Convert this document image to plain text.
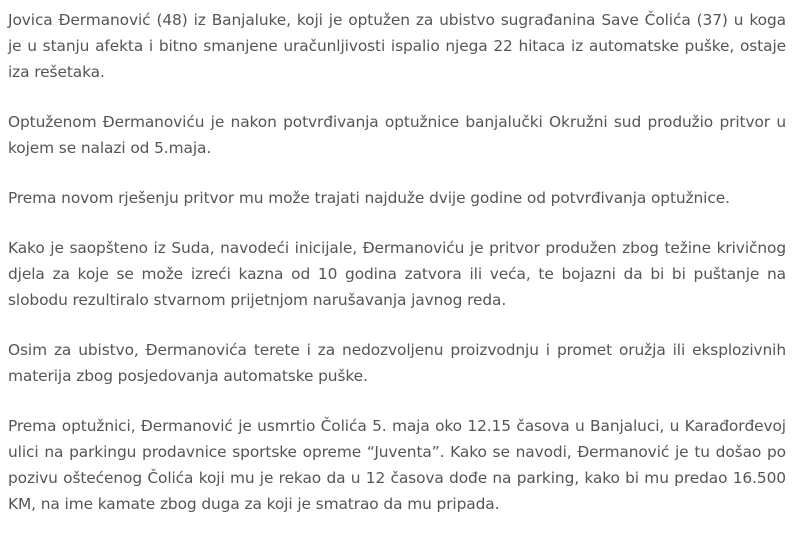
Jovica Đermanović (48) iz Banjaluke, koji je optužen za ubistvo sugrađanina Save Čolića (37) u koga je u stanju afekta i bitno smanjene uračunljivosti ispalio njega 22 hitaca iz automatske puške, ostaje iza rešetaka.

Optuženom Đermanoviću je nakon potvrđivanja optužnice banjalučki Okružni sud produžio pritvor u kojem se nalazi od 5.maja.

Prema novom rješenju pritvor mu može trajati najduže dvije godine od potvrđivanja optužnice.

Kako je saopšteno iz Suda, navodeći inicijale, Đermanoviću je pritvor produžen zbog težine krivičnog djela za koje se može izreći kazna od 10 godina zatvora ili veća, te bojazni da bi bi puštanje na slobodu rezultiralo stvarnom prijetnjom narušavanja javnog reda.

Osim za ubistvo, Đermanovića terete i za nedozvoljenu proizvodnju i promet oružja ili eksplozivnih materija zbog posjedovanja automatske puške.

Prema optužnici, Đermanović je usmrtio Čolića 5. maja oko 12.15 časova u Banjaluci, u Karađorđevoj ulici na parkingu prodavnice sportske opreme “Juventa”. Kako se navodi, Đermanović je tu došao po pozivu oštećenog Čolića koji mu je rekao da u 12 časova dođe na parking, kako bi mu predao 16.500 KM, na ime kamate zbog duga za koji je smatrao da mu pripada.
